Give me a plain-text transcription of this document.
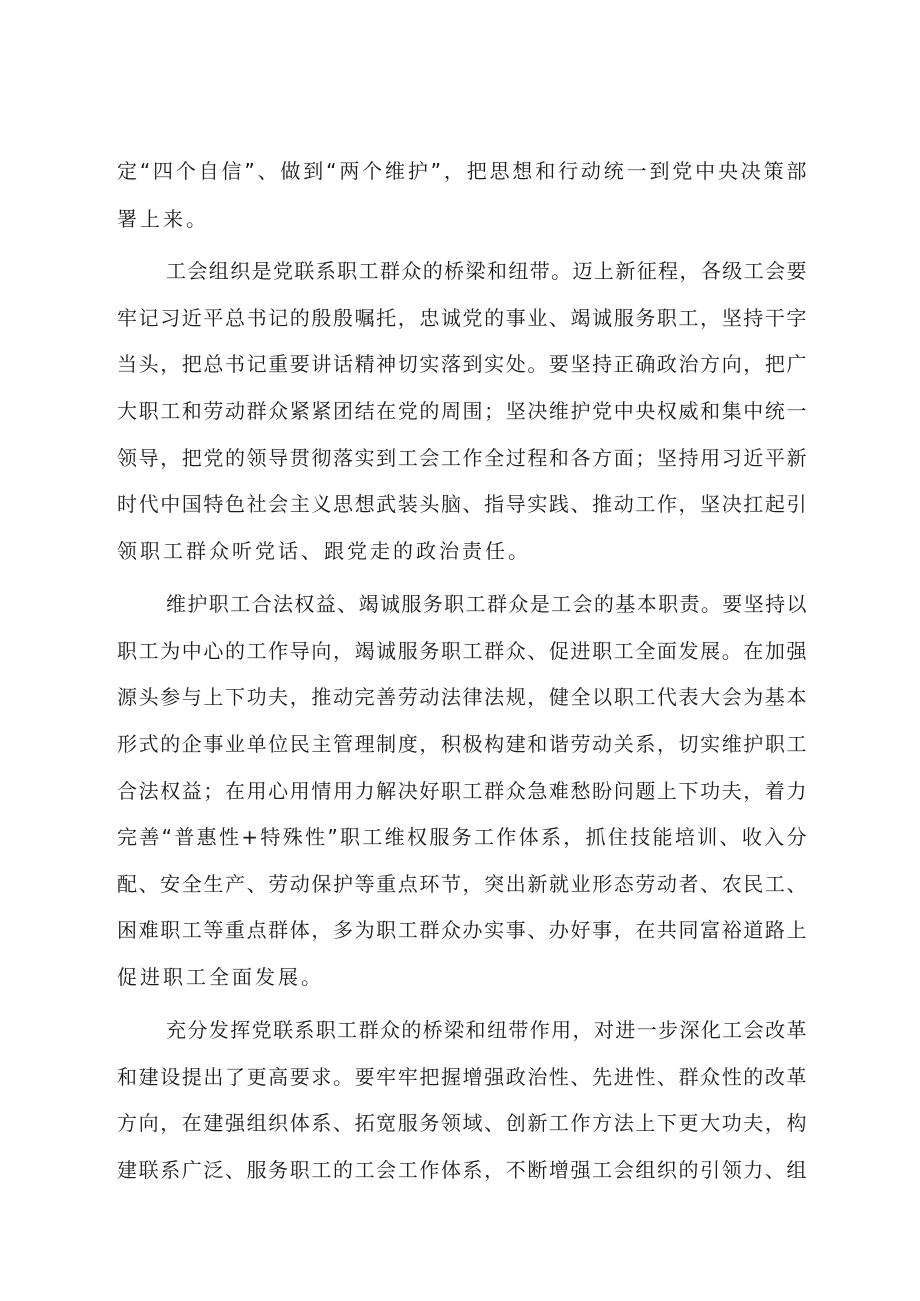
定“四个自信”、做到“两个维护”，把思想和行动统一到党中央决策部
署上来。
工会组织是党联系职工群众的桥梁和纽带。迈上新征程，各级工会要
牢记习近平总书记的殷殷嘱托，忠诚党的事业、竭诚服务职工，坚持干字
当头，把总书记重要讲话精神切实落到实处。要坚持正确政治方向，把广
大职工和劳动群众紧紧团结在党的周围；坚决维护党中央权威和集中统一
领导，把党的领导贯彻落实到工会工作全过程和各方面；坚持用习近平新
时代中国特色社会主义思想武装头脑、指导实践、推动工作，坚决扛起引
领职工群众听党话、跟党走的政治责任。
维护职工合法权益、竭诚服务职工群众是工会的基本职责。要坚持以
职工为中心的工作导向，竭诚服务职工群众、促进职工全面发展。在加强
源头参与上下功夫，推动完善劳动法律法规，健全以职工代表大会为基本
形式的企事业单位民主管理制度，积极构建和谐劳动关系，切实维护职工
合法权益；在用心用情用力解决好职工群众急难愁盼问题上下功夫，着力
完善“普惠性+特殊性”职工维权服务工作体系，抓住技能培训、收入分
配、安全生产、劳动保护等重点环节，突出新就业形态劳动者、农民工、
困难职工等重点群体，多为职工群众办实事、办好事，在共同富裕道路上
促进职工全面发展。
充分发挥党联系职工群众的桥梁和纽带作用，对进一步深化工会改革
和建设提出了更高要求。要牢牢把握增强政治性、先进性、群众性的改革
方向，在建强组织体系、拓宽服务领域、创新工作方法上下更大功夫，构
建联系广泛、服务职工的工会工作体系，不断增强工会组织的引领力、组
